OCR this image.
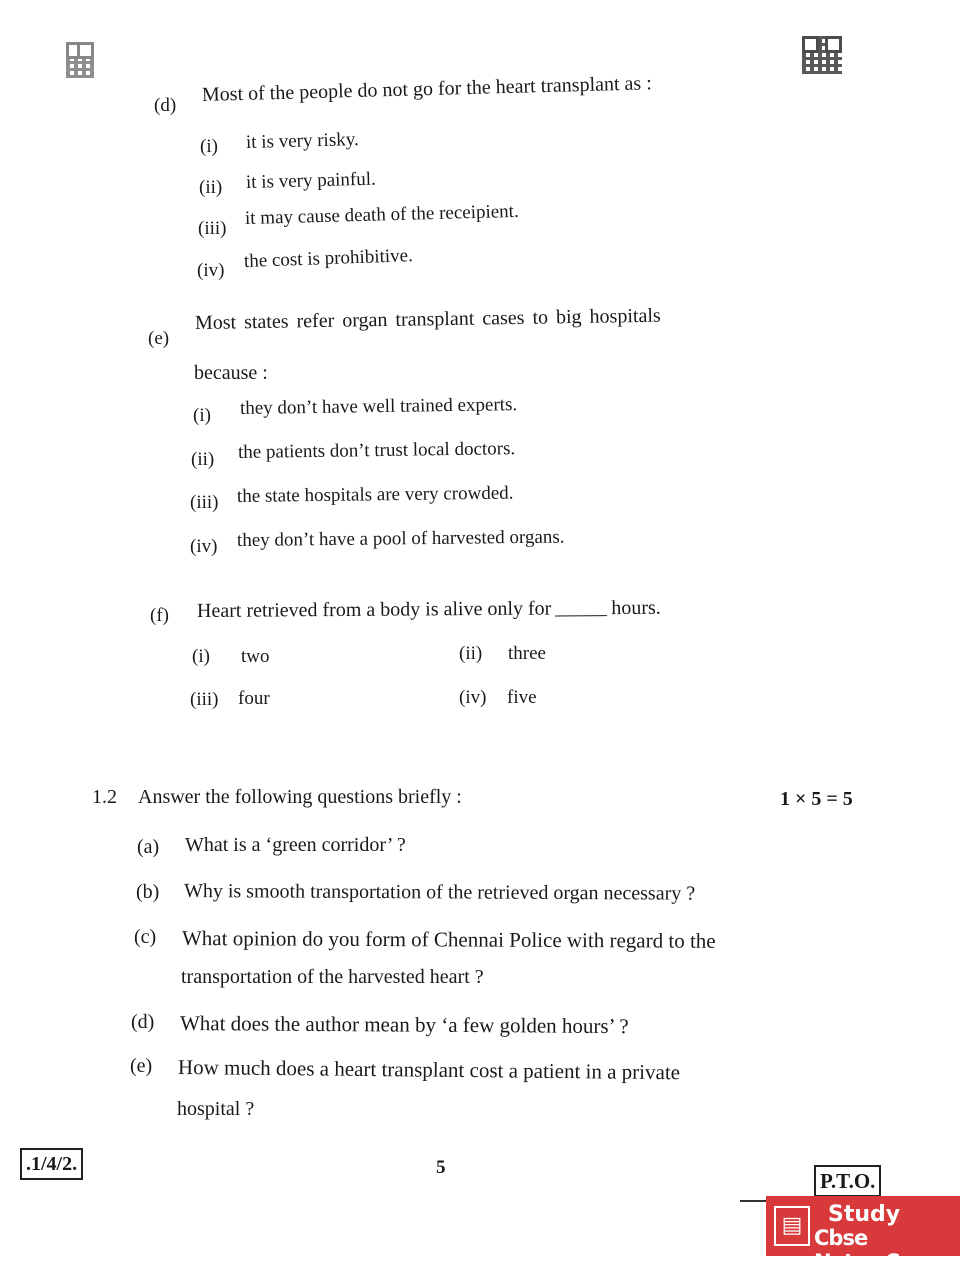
(d) Most of the people do not go for the heart transplant as :
(i) it is very risky.
(ii) it is very painful.
(iii) it may cause death of the receipient.
(iv) the cost is prohibitive.
(e)
Most states refer organ transplant cases to big hospitals
because :
(i) they don’t have well trained experts.
(ii) the patients don’t trust local doctors.
(iii) the state hospitals are very crowded.
(iv) they don’t have a pool of harvested organs.
(f) Heart retrieved from a body is alive only for	hours.
(i) two	(ii) three
(iii) four	(iv) five
1.2 Answer the following questions briefly :	1 × 5 = 5
(a) What is a ‘green corridor’ ?
(b) Why is smooth transportation of the retrieved organ necessary ?
(c) What opinion do you form of Chennai Police with regard to the
transportation of the harvested heart ?
(d) What does the author mean by ‘a few golden hours’ ?
(e) How much does a heart transplant cost a patient in a private
hospital ?
.1/4/2.	5
P.T.O.
▤	Study
Cbse Notes.Com
